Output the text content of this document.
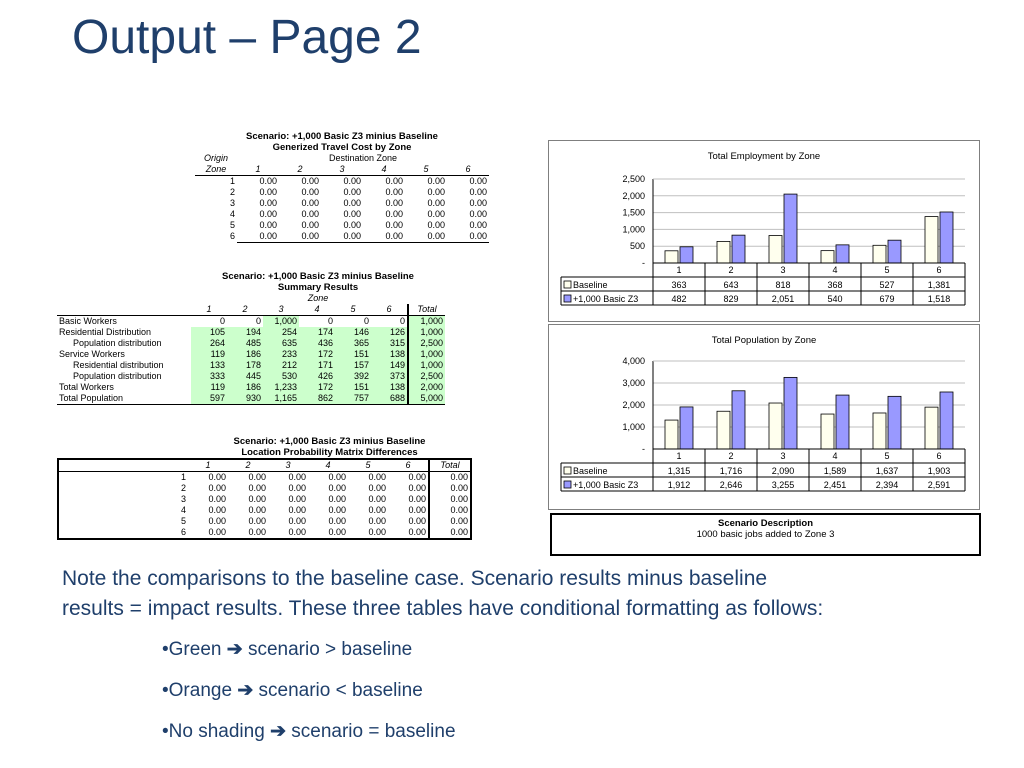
Output – Page 2
Scenario: +1,000 Basic Z3 minius Baseline						
Generized Travel Cost by Zone						
Origin	Destination Zone					
Zone	1	2	3	4	5	6
1	0.00	0.00	0.00	0.00	0.00	0.00
2	0.00	0.00	0.00	0.00	0.00	0.00
3	0.00	0.00	0.00	0.00	0.00	0.00
4	0.00	0.00	0.00	0.00	0.00	0.00
5	0.00	0.00	0.00	0.00	0.00	0.00
6	0.00	0.00	0.00	0.00	0.00	0.00
	Scenario: +1,000 Basic Z3 minius Baseline						
	Summary Results						
	Zone						
	1	2	3	4	5	6	Total
Basic Workers	0	0	1,000	0	0	0	1,000
Residential Distribution	105	194	254	174	146	126	1,000
Population distribution	264	485	635	436	365	315	2,500
Service Workers	119	186	233	172	151	138	1,000
Residential distribution	133	178	212	171	157	149	1,000
Population distribution	333	445	530	426	392	373	2,500
Total Workers	119	186	1,233	172	151	138	2,000
Total Population	597	930	1,165	862	757	688	5,000
	Scenario: +1,000 Basic Z3 minius Baseline						
	Location Probability Matrix Differences						
	1	2	3	4	5	6	Total
1	0.00	0.00	0.00	0.00	0.00	0.00	0.00
2	0.00	0.00	0.00	0.00	0.00	0.00	0.00
3	0.00	0.00	0.00	0.00	0.00	0.00	0.00
4	0.00	0.00	0.00	0.00	0.00	0.00	0.00
5	0.00	0.00	0.00	0.00	0.00	0.00	0.00
6	0.00	0.00	0.00	0.00	0.00	0.00	0.00
Total Employment by Zone
2,500
2,000
1,500
1,000
500
-
1	2	3	4	5	6
Baseline	363	643	818	368	527	1,381
+1,000 Basic Z3	482	829	2,051	540	679	1,518
Total Population by Zone
4,000
3,000
2,000
1,000
-
1	2	3	4	5	6
Baseline	1,315	1,716	2,090	1,589	1,637	1,903
+1,000 Basic Z3	1,912	2,646	3,255	2,451	2,394	2,591
Scenario Description
1000 basic jobs added to Zone 3
Note the comparisons to the baseline case. Scenario results minus baseline
results = impact results. These three tables have conditional formatting as follows:
•Green ➔ scenario > baseline
•Orange ➔ scenario < baseline
•No shading ➔ scenario = baseline
